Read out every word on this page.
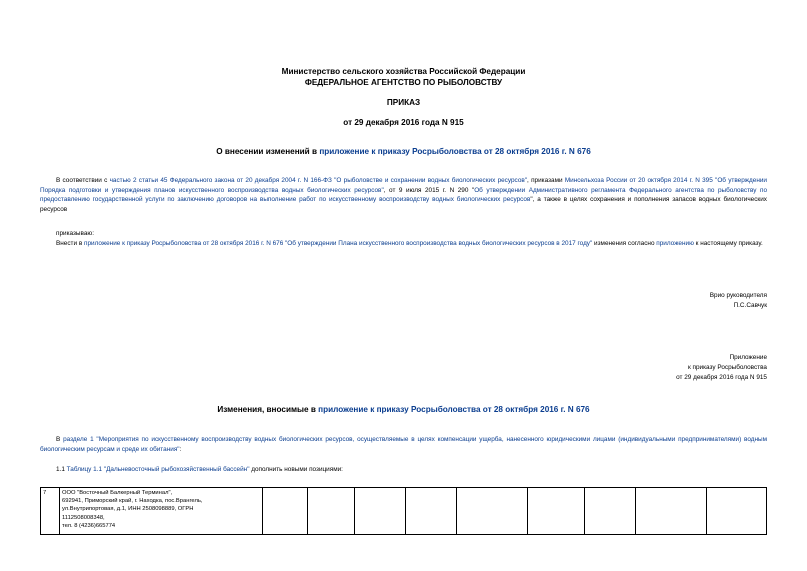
Министерство сельского хозяйства Российской Федерации
ФЕДЕРАЛЬНОЕ АГЕНТСТВО ПО РЫБОЛОВСТВУ
ПРИКАЗ
от 29 декабря 2016 года N 915
О внесении изменений в приложение к приказу Росрыболовства от 28 октября 2016 г. N 676
В соответствии с частью 2 статьи 45 Федерального закона от 20 декабря 2004 г. N 166-ФЗ "О рыболовстве и сохранении водных биологических ресурсов", приказами Минсельхоза России от 20 октября 2014 г. N 395 "Об утверждении Порядка подготовки и утверждения планов искусственного воспроизводства водных биологических ресурсов", от 9 июля 2015 г. N 290 "Об утверждении Административного регламента Федерального агентства по рыболовству по предоставлению государственной услуги по заключению договоров на выполнение работ по искусственному воспроизводству водных биологических ресурсов", а также в целях сохранения и пополнения запасов водных биологических ресурсов
приказываю:
Внести в приложение к приказу Росрыболовства от 28 октября 2016 г. N 676 "Об утверждении Плана искусственного воспроизводства водных биологических ресурсов в 2017 году" изменения согласно приложению к настоящему приказу.
Врио руководителя
П.С.Савчук
Приложение
к приказу Росрыболовства
от 29 декабря 2016 года N 915
Изменения, вносимые в приложение к приказу Росрыболовства от 28 октября 2016 г. N 676
В разделе 1 "Мероприятия по искусственному воспроизводству водных биологических ресурсов, осуществляемые в целях компенсации ущерба, нанесенного юридическими лицами (индивидуальными предпринимателями) водным биологическим ресурсам и среде их обитания":
1.1 Таблицу 1.1 "Дальневосточный рыбохозяйственный бассейн" дополнить новыми позициями:
7	ООО "Восточный Балкерный Терминал",
692941, Приморский край, г. Находка, пос.Врангель,
ул.Внутрипортовая, д.1, ИНН 2508098889, ОГРН
1112508008348,
тел. 8 (4236)665774
